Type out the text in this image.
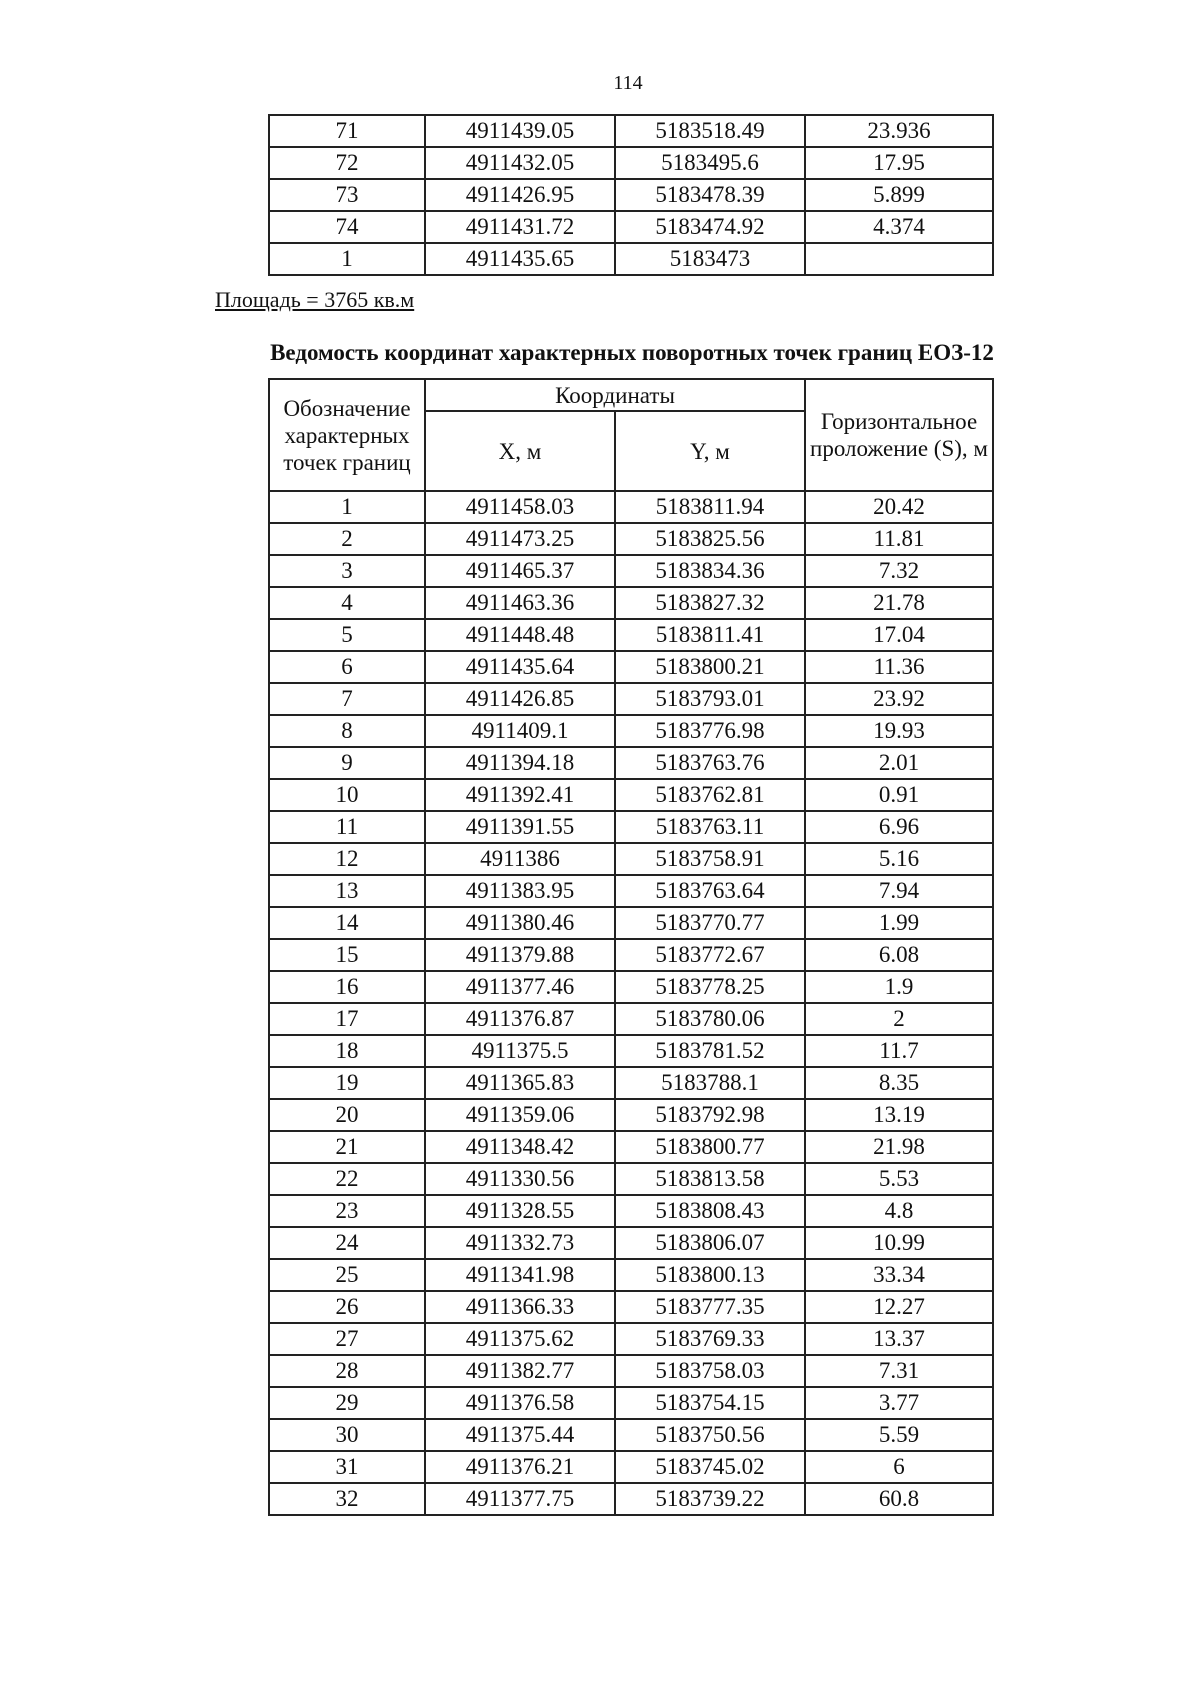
114
71	4911439.05	5183518.49	23.936
72	4911432.05	5183495.6	17.95
73	4911426.95	5183478.39	5.899
74	4911431.72	5183474.92	4.374
1	4911435.65	5183473	
Площадь = 3765 кв.м
Ведомость координат характерных поворотных точек границ ЕОЗ-12
Обозначение характерных точек границ	Координаты		Горизонтальное проложение (S), м
	X, м	Y, м	
1	4911458.03	5183811.94	20.42
2	4911473.25	5183825.56	11.81
3	4911465.37	5183834.36	7.32
4	4911463.36	5183827.32	21.78
5	4911448.48	5183811.41	17.04
6	4911435.64	5183800.21	11.36
7	4911426.85	5183793.01	23.92
8	4911409.1	5183776.98	19.93
9	4911394.18	5183763.76	2.01
10	4911392.41	5183762.81	0.91
11	4911391.55	5183763.11	6.96
12	4911386	5183758.91	5.16
13	4911383.95	5183763.64	7.94
14	4911380.46	5183770.77	1.99
15	4911379.88	5183772.67	6.08
16	4911377.46	5183778.25	1.9
17	4911376.87	5183780.06	2
18	4911375.5	5183781.52	11.7
19	4911365.83	5183788.1	8.35
20	4911359.06	5183792.98	13.19
21	4911348.42	5183800.77	21.98
22	4911330.56	5183813.58	5.53
23	4911328.55	5183808.43	4.8
24	4911332.73	5183806.07	10.99
25	4911341.98	5183800.13	33.34
26	4911366.33	5183777.35	12.27
27	4911375.62	5183769.33	13.37
28	4911382.77	5183758.03	7.31
29	4911376.58	5183754.15	3.77
30	4911375.44	5183750.56	5.59
31	4911376.21	5183745.02	6
32	4911377.75	5183739.22	60.8
